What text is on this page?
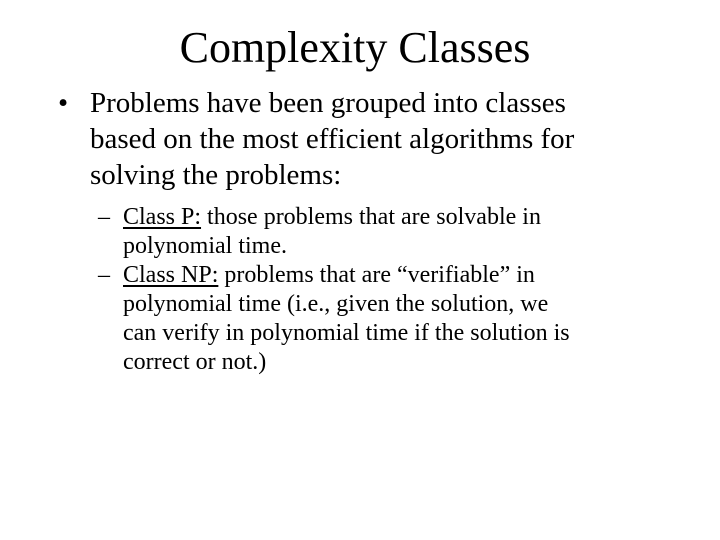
Complexity Classes
• Problems have been grouped into classes
based on the most efficient algorithms for
solving the problems:
– Class P: those problems that are solvable in
polynomial time.
– Class NP: problems that are “verifiable” in
polynomial time (i.e., given the solution, we
can verify in polynomial time if the solution is
correct or not.)
